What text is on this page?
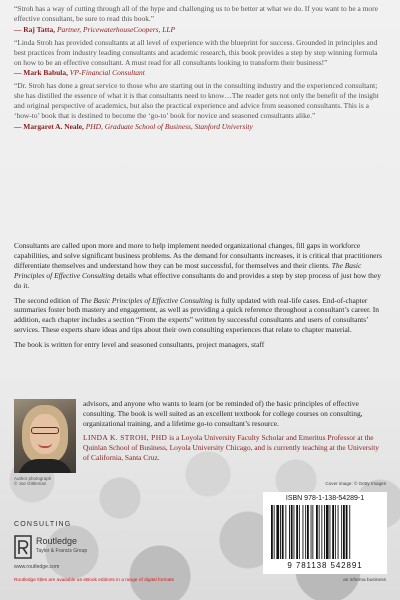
“Stroh has a way of cutting through all of the hype and challenging us to be better at what we do. If you want to be a more effective consultant, be sure to read this book.”
— Raj Tatta, Partner, PricewaterhouseCoopers, LLP
“Linda Stroh has provided consultants at all level of experience with the blueprint for success. Grounded in principles and best practices from industry leading consultants and academic research, this book provides a step by step winning formula on how to be an effective consultant. A must read for all consultants looking to transform their business!”
— Mark Babula, VP-Financial Consultant
“Dr. Stroh has done a great service to those who are starting out in the consulting industry and the experienced consultant; she has distilled the essence of what it is that consultants need to know…The reader gets not only the benefit of the insight and original perspective of academics, but also the practical experience and advice from seasoned consultants. This is a ‘how-to’ book that is destined to become the ‘go-to’ book for novice and seasoned consultants alike.”
— Margaret A. Neale, PHD, Graduate School of Business, Stanford University

Consultants are called upon more and more to help implement needed organizational changes, fill gaps in workforce capabilities, and solve significant business problems. As the demand for consultants increases, it is critical that practitioners differentiate themselves and understand how they can be most successful, for themselves and their clients. The Basic Principles of Effective Consulting details what effective consultants do and provides a step by step process of just how they do it.

The second edition of The Basic Principles of Effective Consulting is fully updated with real-life cases. End-of-chapter summaries foster both mastery and engagement, as well as providing a quick reference throughout a consultant’s career. In addition, each chapter includes a section “From the experts” written by successful consultants and users of consultants’ services. These experts share ideas and tips about their own consulting experiences that relate to chapter material.

The book is written for entry level and seasoned consultants, project managers, staff

Author photograph
© Joe Gittleman
advisors, and anyone who wants to learn (or be reminded of) the basic principles of effective consulting. The book is well suited as an excellent textbook for college courses on consulting, organizational training, and a lifetime go-to consultant’s resource.

LINDA K. STROH, PHD is a Loyola University Faculty Scholar and Emeritus Professor at the Quinlan School of Business, Loyola University Chicago, and is currently teaching at the University of California, Santa Cruz.

Cover image: © Getty Images
CONSULTING
Routledge
Taylor & Francis Group
www.routledge.com
Routledge titles are available as eBook editions in a range of digital formats	an informa business
ISBN 978-1-138-54289-1
9 781138 542891
